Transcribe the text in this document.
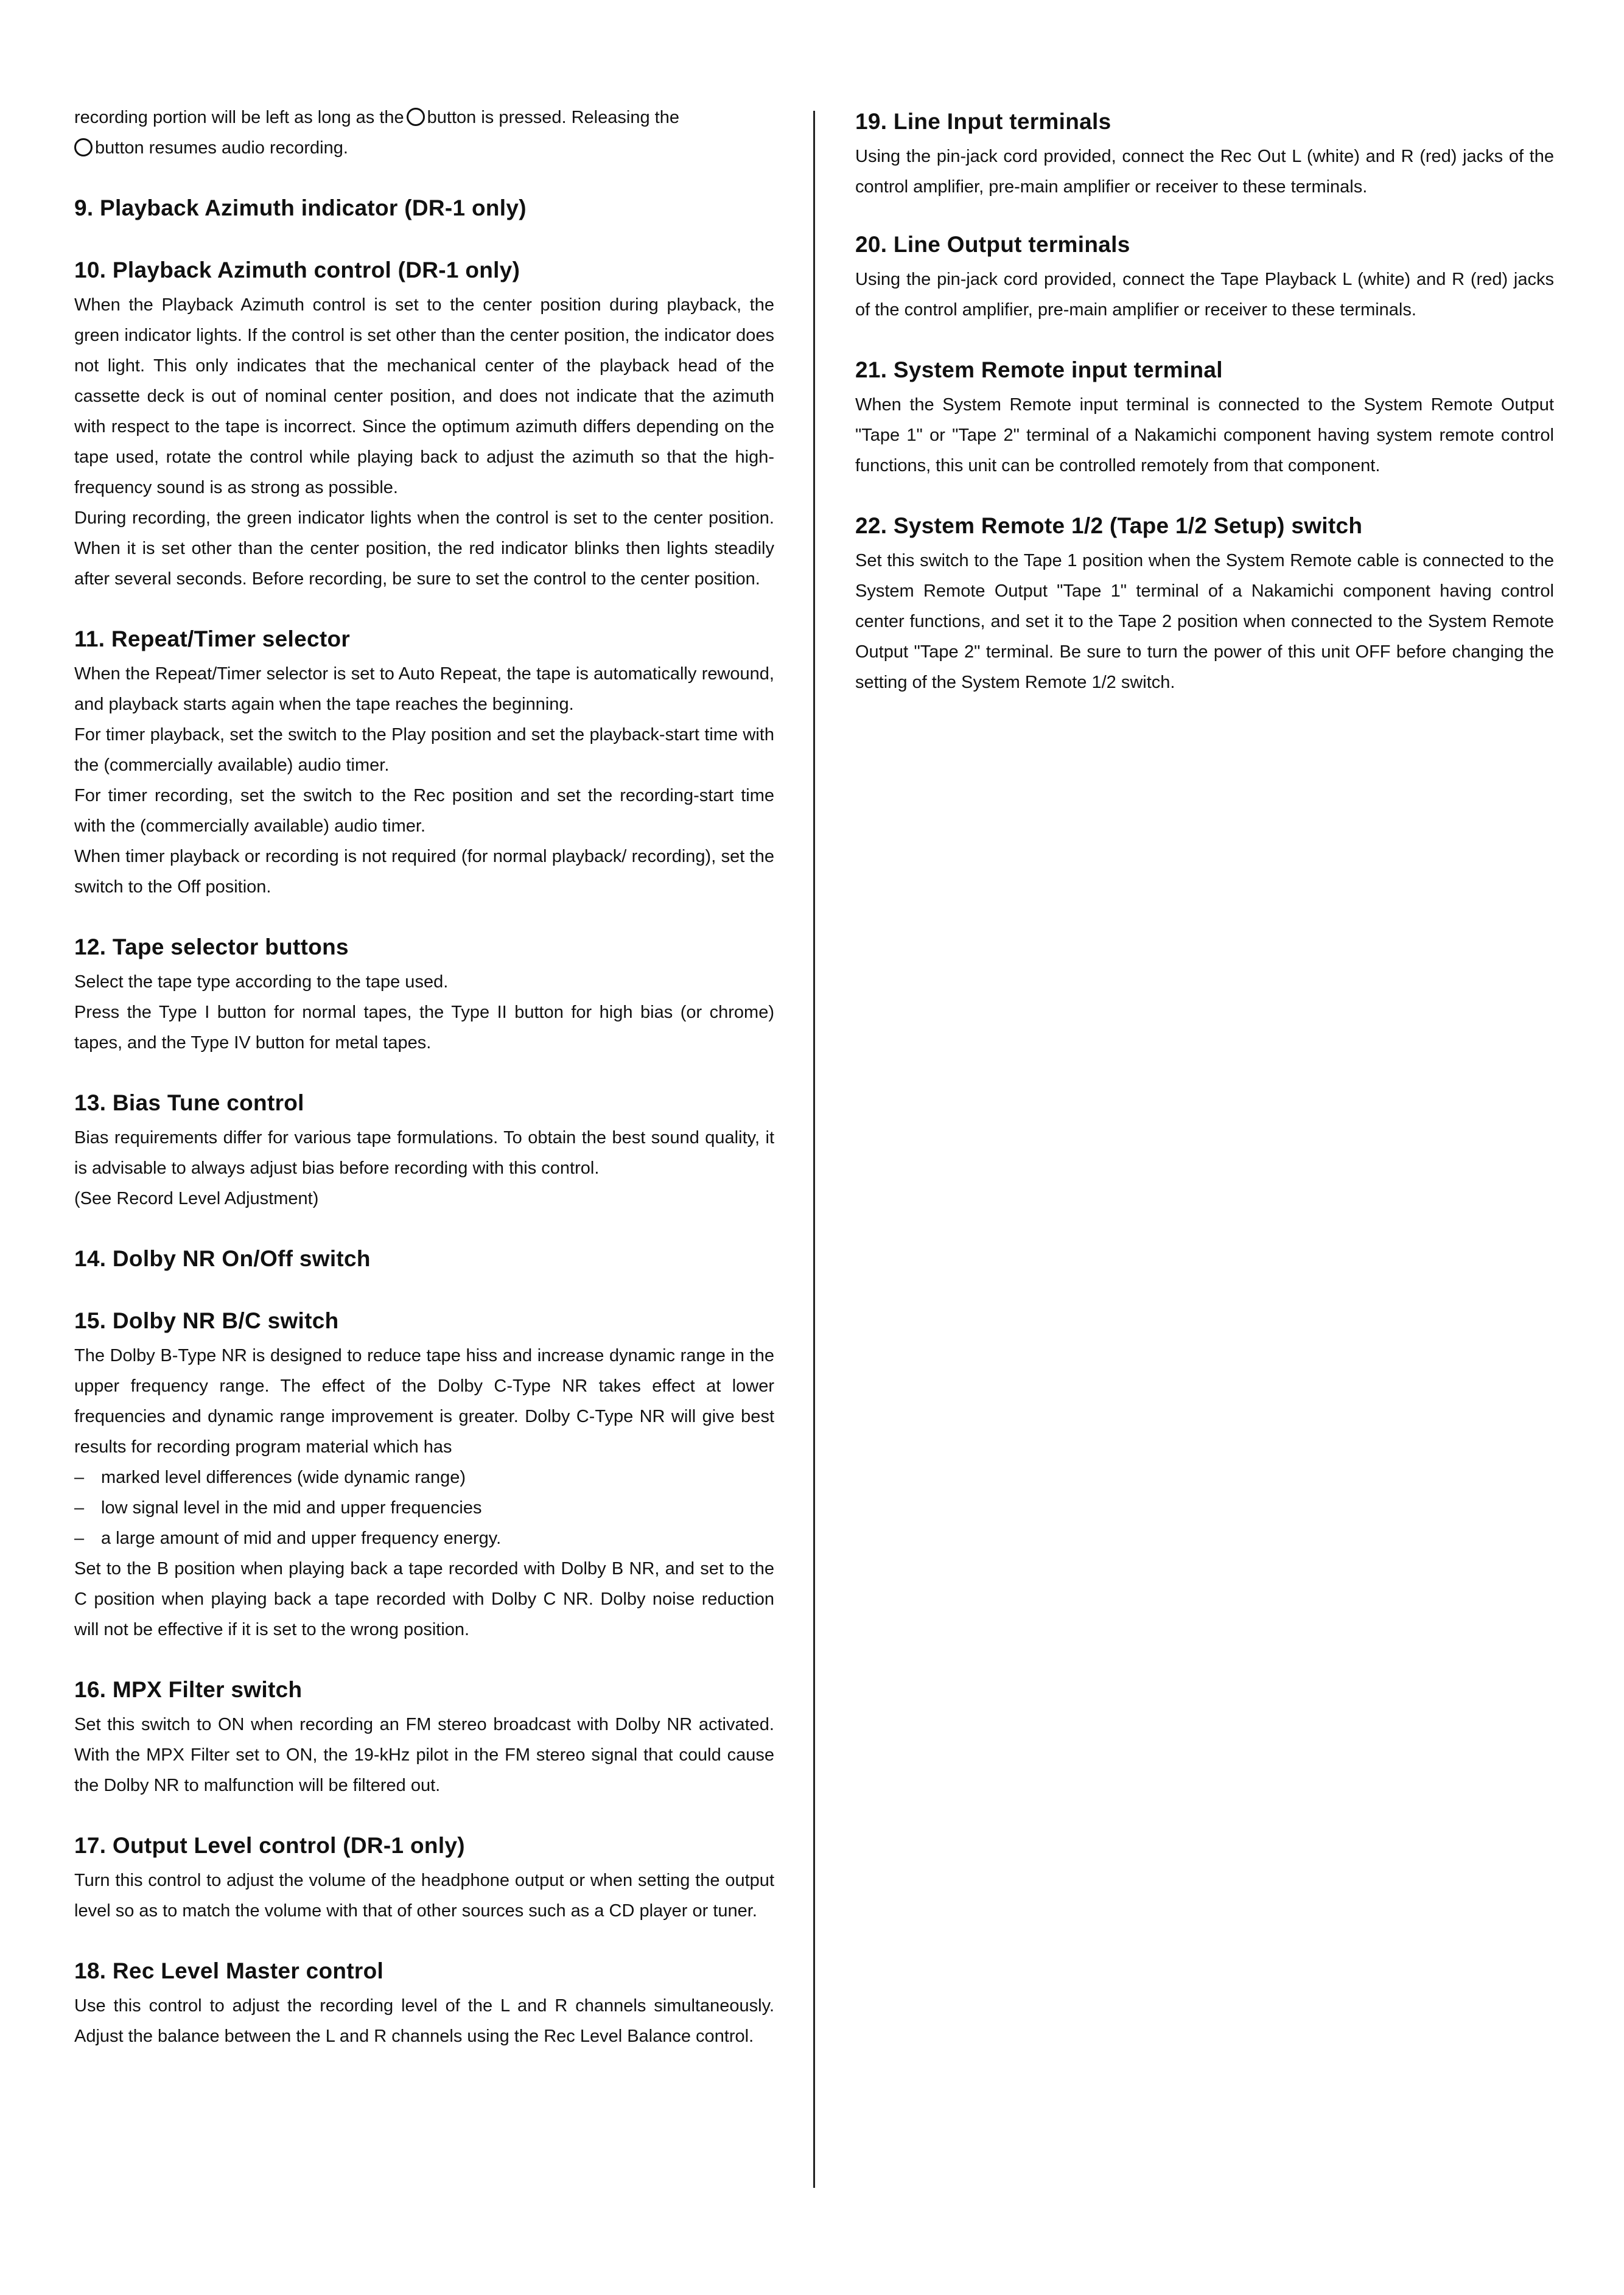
recording portion will be left as long as the button is pressed. Releasing the

button resumes audio recording.

9. Playback Azimuth indicator (DR-1 only)
10. Playback Azimuth control (DR-1 only)

When the Playback Azimuth control is set to the center position during playback, the green indicator lights. If the control is set other than the center position, the indicator does not light. This only indicates that the mechanical center of the playback head of the cassette deck is out of nominal center position, and does not indicate that the azimuth with respect to the tape is incorrect. Since the optimum azimuth differs depending on the tape used, rotate the control while playing back to adjust the azimuth so that the high-frequency sound is as strong as possible.

During recording, the green indicator lights when the control is set to the center position. When it is set other than the center position, the red indicator blinks then lights steadily after several seconds. Before recording, be sure to set the control to the center position.

11. Repeat/Timer selector

When the Repeat/Timer selector is set to Auto Repeat, the tape is automatically rewound, and playback starts again when the tape reaches the beginning.

For timer playback, set the switch to the Play position and set the playback-start time with the (commercially available) audio timer.

For timer recording, set the switch to the Rec position and set the recording-start time with the (commercially available) audio timer.

When timer playback or recording is not required (for normal playback/ recording), set the switch to the Off position.

12. Tape selector buttons

Select the tape type according to the tape used.

Press the Type I button for normal tapes, the Type II button for high bias (or chrome) tapes, and the Type IV button for metal tapes.

13. Bias Tune control

Bias requirements differ for various tape formulations. To obtain the best sound quality, it is advisable to always adjust bias before recording with this control.

(See Record Level Adjustment)

14. Dolby NR On/Off switch
15. Dolby NR B/C switch

The Dolby B-Type NR is designed to reduce tape hiss and increase dynamic range in the upper frequency range. The effect of the Dolby C-Type NR takes effect at lower frequencies and dynamic range improvement is greater. Dolby C-Type NR will give best results for recording program material which has

– marked level differences (wide dynamic range)

– low signal level in the mid and upper frequencies

– a large amount of mid and upper frequency energy.

Set to the B position when playing back a tape recorded with Dolby B NR, and set to the C position when playing back a tape recorded with Dolby C NR. Dolby noise reduction will not be effective if it is set to the wrong position.

16. MPX Filter switch

Set this switch to ON when recording an FM stereo broadcast with Dolby NR activated. With the MPX Filter set to ON, the 19-kHz pilot in the FM stereo signal that could cause the Dolby NR to malfunction will be filtered out.

17. Output Level control (DR-1 only)

Turn this control to adjust the volume of the headphone output or when setting the output level so as to match the volume with that of other sources such as a CD player or tuner.

18. Rec Level Master control

Use this control to adjust the recording level of the L and R channels simultaneously. Adjust the balance between the L and R channels using the Rec Level Balance control.

19. Line Input terminals

Using the pin-jack cord provided, connect the Rec Out L (white) and R (red) jacks of the control amplifier, pre-main amplifier or receiver to these terminals.

20. Line Output terminals

Using the pin-jack cord provided, connect the Tape Playback L (white) and R (red) jacks of the control amplifier, pre-main amplifier or receiver to these terminals.

21. System Remote input terminal

When the System Remote input terminal is connected to the System Remote Output "Tape 1" or "Tape 2" terminal of a Nakamichi component having system remote control functions, this unit can be controlled remotely from that component.

22. System Remote 1/2 (Tape 1/2 Setup) switch

Set this switch to the Tape 1 position when the System Remote cable is connected to the System Remote Output "Tape 1" terminal of a Nakamichi component having control center functions, and set it to the Tape 2 position when connected to the System Remote Output "Tape 2" terminal. Be sure to turn the power of this unit OFF before changing the setting of the System Remote 1/2 switch.
